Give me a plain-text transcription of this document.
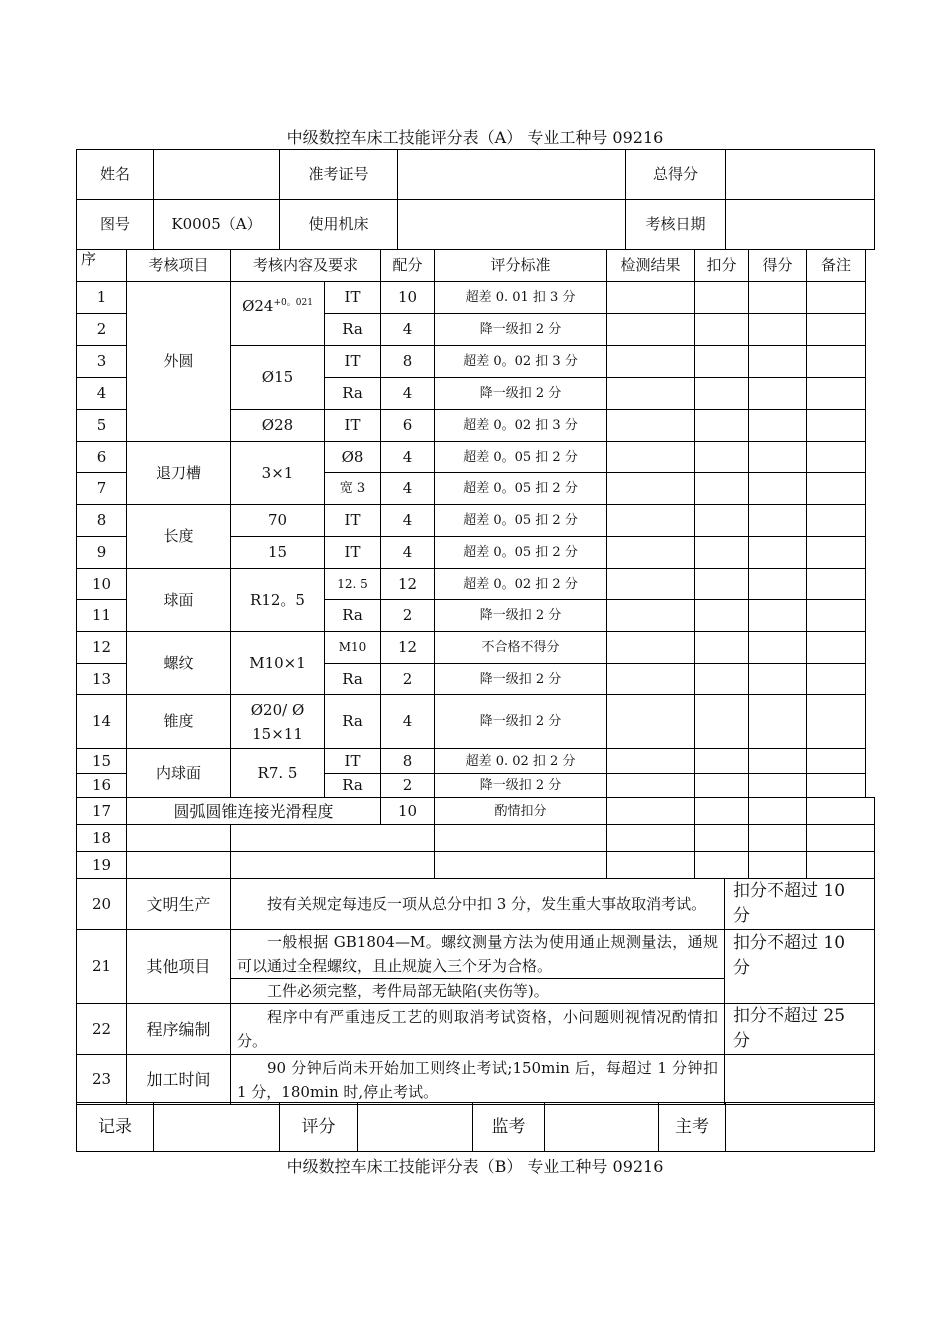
中级数控车床工技能评分表（A） 专业工种号 09216
姓名		准考证号		总得分	
图号	K0005（A）	使用机床		考核日期	
序	考核项目	考核内容及要求		配分	评分标准	检测结果	扣分	得分	备注
1	外圆	$Ø24^{+0。021}$	IT	10	超差 0. 01 扣 3 分				
2			Ra	4	降一级扣 2 分				
3		Ø15	IT	8	超差 0。02 扣 3 分				
4			Ra	4	降一级扣 2 分				
5		Ø28	IT	6	超差 0。02 扣 3 分				
6	退刀槽	3×1	Ø8	4	超差 0。05 扣 2 分				
7			宽 3	4	超差 0。05 扣 2 分				
8	长度	70	IT	4	超差 0。05 扣 2 分				
9		15	IT	4	超差 0。05 扣 2 分				
10	球面	R12。5	12. 5	12	超差 0。02 扣 2 分				
11			Ra	2	降一级扣 2 分				
12	螺纹	M10×1	M10	12	不合格不得分				
13			Ra	2	降一级扣 2 分				
14	锥度	Ø20/ Ø 15×11	Ra	4	降一级扣 2 分				
15	内球面	R7. 5	IT	8	超差 0. 02 扣 2 分				
16			Ra	2	降一级扣 2 分				
17	圆弧圆锥连接光滑程度		10	酌情扣分				
18								
19								
20	文明生产	按有关规定每违反一项从总分中扣 3 分，发生重大事故取消考试。	扣分不超过 10 分
21	其他项目	一般根据 GB1804—M。螺纹测量方法为使用通止规测量法，通规可以通过全程螺纹，且止规旋入三个牙为合格。	扣分不超过 10 分
		工件必须完整，考件局部无缺陷(夹伤等)。	
22	程序编制	程序中有严重违反工艺的则取消考试资格，小问题则视情况酌情扣分。	扣分不超过 25 分
23	加工时间	90 分钟后尚未开始加工则终止考试;150min 后，每超过 1 分钟扣 1 分，180min 时,停止考试。	
记录		评分		监考		主考	
中级数控车床工技能评分表（B） 专业工种号 09216
